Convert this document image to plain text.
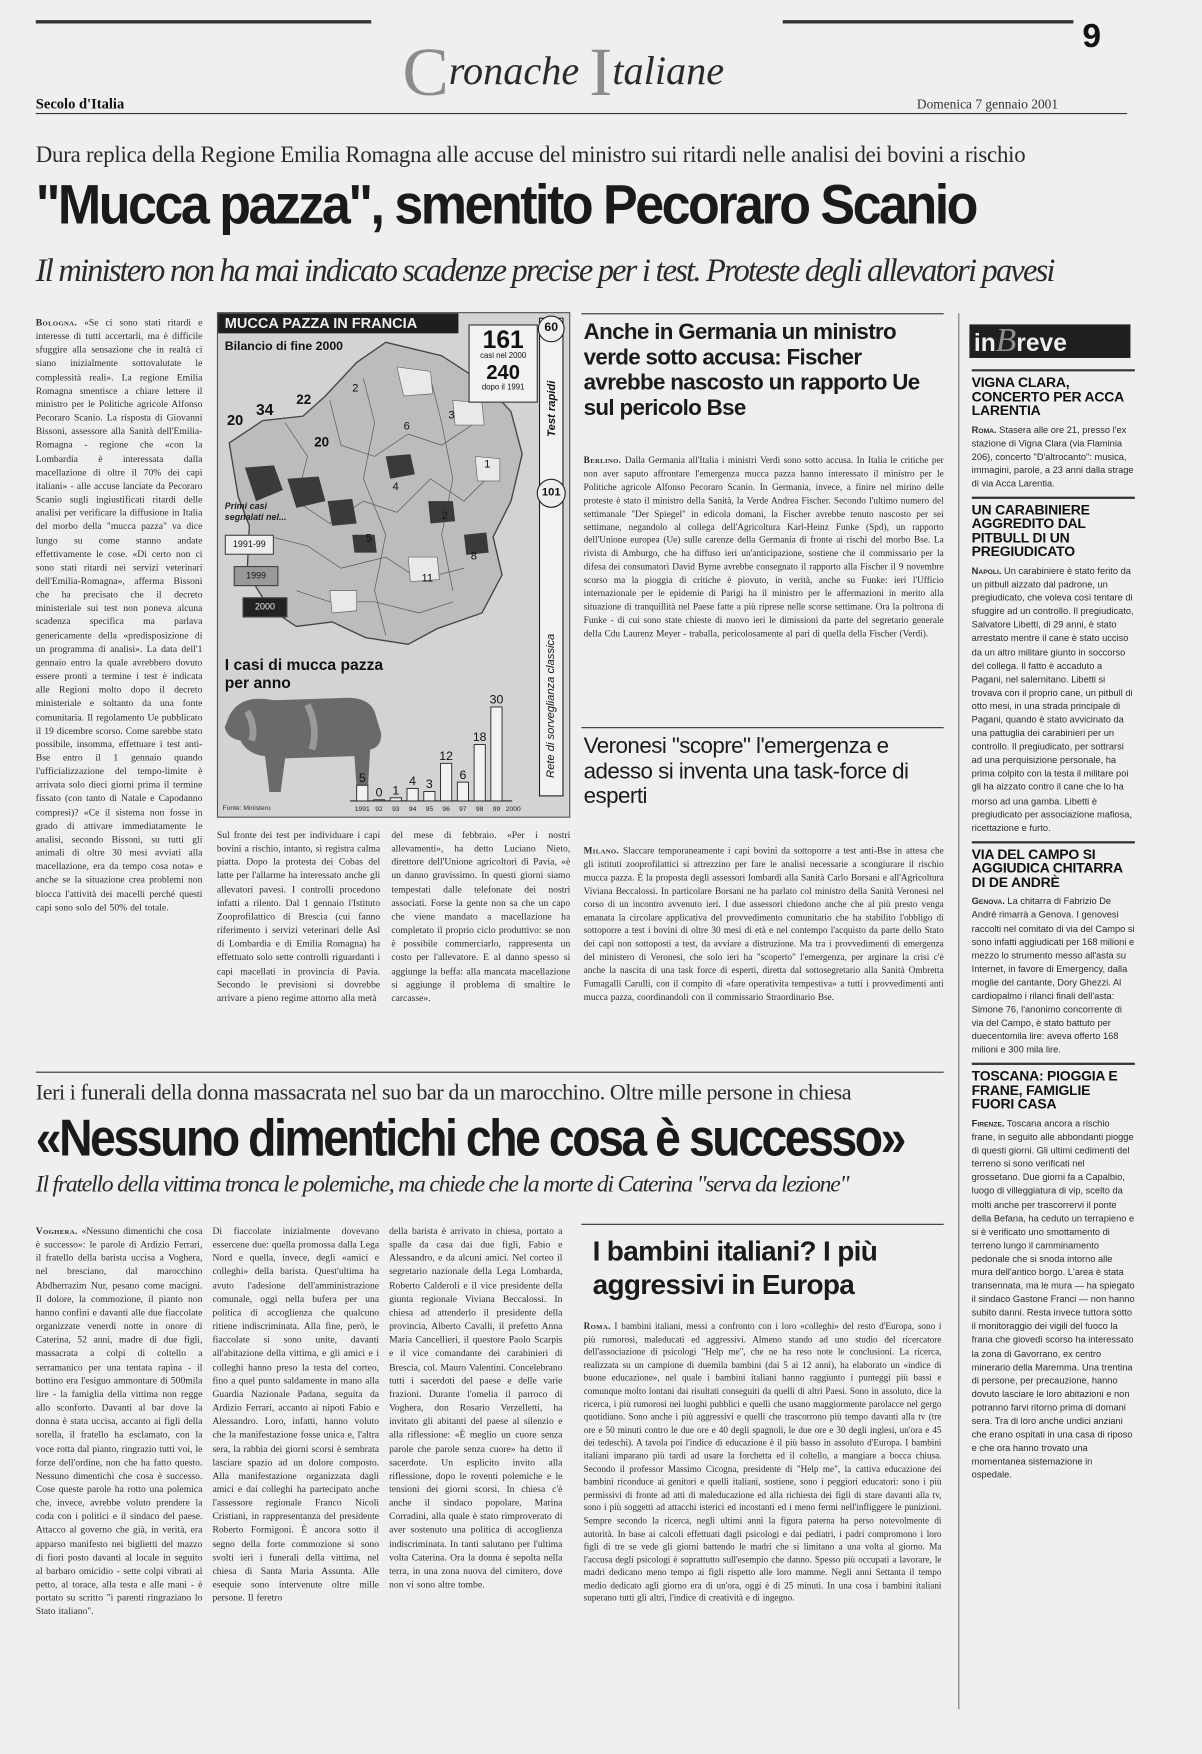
9
Cronache Italiane
Secolo d'Italia	Domenica 7 gennaio 2001
Dura replica della Regione Emilia Romagna alle accuse del ministro sui ritardi nelle analisi dei bovini a rischio
"Mucca pazza", smentito Pecoraro Scanio
Il ministero non ha mai indicato scadenze precise per i test. Proteste degli allevatori pavesi

Bologna. «Se ci sono stati ritardi e interesse di tutti accertarli, ma è difficile sfuggire alla sensazione che in realtà ci siano inizialmente sottovalutate le complessità reali». La regione Emilia Romagna smentisce a chiare lettere il ministro per le Politiche agricole Alfonso Pecoraro Scanio. La risposta di Giovanni Bissoni, assessore alla Sanità dell'Emilia-Romagna - regione che «con la Lombardia è interessata dalla macellazione di oltre il 70% dei capi italiani» - alle accuse lanciate da Pecoraro Scanio sugli ingiustificati ritardi delle analisi per verificare la diffusione in Italia del morbo della "mucca pazza" va dice lungo su come stanno andate effettivamente le cose. «Di certo non ci sono stati ritardi nei servizi veterinari dell'Emilia-Romagna», afferma Bissoni che ha precisato che il decreto ministeriale sui test non poneva alcuna scadenza specifica ma parlava genericamente della «predisposizione di un programma di analisi». La data dell'1 gennaio entro la quale avrebbero dovuto essere pronti a termine i test è indicata alle Regioni molto dopo il decreto ministeriale e soltanto da una fonte comunitaria. Il regolamento Ue pubblicato il 19 dicembre scorso. Come sarebbe stato possibile, insomma, effettuare i test anti-Bse entro il 1 gennaio quando l'ufficializzazione del tempo-limite è arrivata solo dieci giorni prima il termine fissato (con tanto di Natale e Capodanno compresi)? «Ce il sistema non fosse in grado di attivare immediatamente le analisi, secondo Bissoni, su tutti gli animali di oltre 30 mesi avviati alla macellazione, era da tempo cosa nota» e anche se la situazione crea problemi non blocca l'attività dei macelli perché questi capi sono solo del 50% del totale.

MUCCA PAZZA IN FRANCIA
Bilancio di fine 2000
20
34
22
20
2
6
3
1
4
2
5
8
11
161
casi nel 2000
240
dopo il 1991
Primi casi segnalati nel...
1991-99
1999
2000
I casi di mucca pazza per anno
5
0 1
4 3
12
6
18
30
1991 92 93 94 95 96 97 98 99 2000
60
Test rapidi
101
Rete di sorveglianza classica
Fonte: Ministero

Sul fronte dei test per individuare i capi bovini a rischio, intanto, si registra calma piatta. Dopo la protesta dei Cobas del latte per l'allarme ha interessato anche gli allevatori pavesi. I controlli procedono infatti a rilento. Dal 1 gennaio l'Istituto Zooprofilattico di Brescia (cui fanno riferimento i servizi veterinari delle Asl di Lombardia e di Emilia Romagna) ha effettuato solo sette controlli riguardanti i capi macellati in provincia di Pavia. Secondo le previsioni si dovrebbe arrivare a pieno regime attorno alla metà

del mese di febbraio. «Per i nostri allevamenti», ha detto Luciano Nieto, direttore dell'Unione agricoltori di Pavia, «è un danno gravissimo. In questi giorni siamo tempestati dalle telefonate dei nostri associati. Forse la gente non sa che un capo che viene mandato a macellazione ha completato il proprio ciclo produttivo: se non è possibile commerciarlo, rappresenta un costo per l'allevatore. E al danno spesso si aggiunge la beffa: alla mancata macellazione si aggiunge il problema di smaltire le carcasse».

Anche in Germania un ministro verde sotto accusa: Fischer avrebbe nascosto un rapporto Ue sul pericolo Bse

Berlino. Dalla Germania all'Italia i ministri Verdi sono sotto accusa. In Italia le critiche per non aver saputo affrontare l'emergenza mucca pazza hanno interessato il ministro per le Politiche agricole Alfonso Pecoraro Scanio. In Germania, invece, a finire nel mirino delle proteste è stato il ministro della Sanità, la Verde Andrea Fischer. Secondo l'ultimo numero del settimanale "Der Spiegel" in edicola domani, la Fischer avrebbe tenuto nascosto per sei settimane, negandolo al collega dell'Agricoltura Karl-Heinz Funke (Spd), un rapporto dell'Unione europea (Ue) sulle carenze della Germania di fronte ai rischi del morbo Bse. La rivista di Amburgo, che ha diffuso ieri un'anticipazione, sostiene che il commissario per la difesa dei consumatori David Byrne avrebbe consegnato il rapporto alla Fischer il 9 novembre scorso ma la pioggia di critiche è piovuto, in verità, anche su Funke: ieri l'Ufficio internazionale per le epidemie di Parigi ha il ministro per le affermazioni in merito alla situazione di tranquillità nel Paese fatte a più riprese nelle scorse settimane. Ora la poltrona di Funke - di cui sono state chieste di nuovo ieri le dimissioni da parte del segretario generale della Cdu Laurenz Meyer - traballa, pericolosamente al pari di quella della Fischer (Verdi).

Veronesi "scopre" l'emergenza e adesso si inventa una task-force di esperti

Milano. Slaccare temporaneamente i capi bovini da sottoporre a test anti-Bse in attesa che gli istituti zooprofilattici si attrezzino per fare le analisi necessarie a scongiurare il rischio mucca pazza. È la proposta degli assessori lombardi alla Sanità Carlo Borsani e all'Agricoltura Viviana Beccalossi. In particolare Borsani ne ha parlato col ministro della Sanità Veronesi nel corso di un incontro avvenuto ieri. I due assessori chiedono anche che al più presto venga emanata la circolare applicativa del provvedimento comunitario che ha stabilito l'obbligo di sottoporre a test i bovini di oltre 30 mesi di età e nel contempo l'acquisto da parte dello Stato dei capi non sottoposti a test, da avviare a distruzione. Ma tra i provvedimenti di emergenza del ministero di Veronesi, che solo ieri ha "scoperto" l'emergenza, per arginare la crisi c'è anche la nascita di una task force di esperti, diretta dal sottosegretario alla Sanità Ombretta Fumagalli Carulli, con il compito di «fare operativita tempestiva» a tutti i provvedimenti anti mucca pazza, coordinandoli con il commissario Straordinario Bse.

inBreve
VIGNA CLARA, CONCERTO PER ACCA LARENTIA
Roma. Stasera alle ore 21, presso l'ex stazione di Vigna Clara (via Flaminia 206), concerto "D'altrocanto": musica, immagini, parole, a 23 anni dalla strage di via Acca Larentia.
UN CARABINIERE AGGREDITO DAL PITBULL DI UN PREGIUDICATO
Napoli. Un carabiniere è stato ferito da un pitbull aizzato dal padrone, un pregiudicato, che voleva così tentare di sfuggire ad un controllo. Il pregiudicato, Salvatore Libetti, di 29 anni, è stato arrestato mentre il cane è stato ucciso da un altro militare giunto in soccorso del collega. Il fatto è accaduto a Pagani, nel salernitano. Libetti si trovava con il proprio cane, un pitbull di otto mesi, in una strada principale di Pagani, quando è stato avvicinato da una pattuglia dei carabinieri per un controllo. Il pregiudicato, per sottrarsi ad una perquisizione personale, ha prima colpito con la testa il militare poi gli ha aizzato contro il cane che lo ha morso ad una gamba. Libetti è pregiudicato per associazione mafiosa, ricettazione e furto.
VIA DEL CAMPO SI AGGIUDICA CHITARRA DI DE ANDRÈ
Genova. La chitarra di Fabrizio De André rimarrà a Genova. I genovesi raccolti nel comitato di via del Campo si sono infatti aggiudicati per 168 milioni e mezzo lo strumento messo all'asta su Internet, in favore di Emergency, dalla moglie del cantante, Dory Ghezzi. Al cardiopalmo i rilanci finali dell'asta: Simone 76, l'anonimo concorrente di via del Campo, è stato battuto per duecentomila lire: aveva offerto 168 milioni e 300 mila lire.
TOSCANA: PIOGGIA E FRANE, FAMIGLIE FUORI CASA
Firenze. Toscana ancora a rischio frane, in seguito alle abbondanti piogge di questi giorni. Gli ultimi cedimenti del terreno si sono verificati nel grossetano. Due giorni fa a Capalbio, luogo di villeggiatura di vip, scelto da molti anche per trascorrervi il ponte della Befana, ha ceduto un terrapieno e si è verificato uno smottamento di terreno lungo il camminamento pedonale che si snoda intorno alle mura dell'antico borgo. L'area è stata transennata, ma le mura — ha spiegato il sindaco Gastone Franci — non hanno subito danni. Resta invece tuttora sotto il monitoraggio dei vigili del fuoco la frana che giovedì scorso ha interessato la zona di Gavorrano, ex centro minerario della Maremma. Una trentina di persone, per precauzione, hanno dovuto lasciare le loro abitazioni e non potranno farvi ritorno prima di domani sera. Tra di loro anche undici anziani che erano ospitati in una casa di riposo e che ora hanno trovato una momentanea sistemazione in ospedale.
Ieri i funerali della donna massacrata nel suo bar da un marocchino. Oltre mille persone in chiesa
«Nessuno dimentichi che cosa è successo»
Il fratello della vittima tronca le polemiche, ma chiede che la morte di Caterina "serva da lezione"

Voghera. «Nessuno dimentichi che cosa è successo»: le parole di Ardizio Ferrari, il fratello della barista uccisa a Voghera, nel bresciano, dal marocchino Abdherrazim Nur, pesano come macigni. Il dolore, la commozione, il pianto non hanno confini e davanti alle due fiaccolate organizzate venerdì notte in onore di Caterina, 52 anni, madre di due figli, massacrata a colpi di coltello a serramanico per una tentata rapina - il bottino era l'esiguo ammontare di 500mila lire - la famiglia della vittima non regge allo sconforto. Davanti al bar dove la donna è stata uccisa, accanto ai figli della sorella, il fratello ha esclamato, con la voce rotta dal pianto, ringrazio tutti voi, le forze dell'ordine, non che ha fatto questo. Nessuno dimentichi che cosa è successo. Cose queste parole ha rotto una polemica che, invece, avrebbe voluto prendere la coda con i politici e il sindaco del paese. Attacco al governo che già, in verità, era apparso manifesto nei biglietti del mazzo di fiori posto davanti al locale in seguito al barbaro omicidio - sette colpi vibrati al petto, al torace, alla testa e alle mani - è portato su scritto "i parenti ringraziano lo Stato italiano".

Di fiaccolate inizialmente dovevano essercene due: quella promossa dalla Lega Nord e quella, invece, degli «amici e colleghi» della barista. Quest'ultima ha avuto l'adesione dell'amministrazione comunale, oggi nella bufera per una politica di accoglienza che qualcuno ritiene indiscriminata. Alla fine, però, le fiaccolate si sono unite, davanti all'abitazione della vittima, e gli amici e i colleghi hanno preso la testa del corteo, fino a quel punto saldamente in mano alla Guardia Nazionale Padana, seguita da Ardizio Ferrari, accanto ai nipoti Fabio e Alessandro. Loro, infatti, hanno voluto che la manifestazione fosse unica e, l'altra sera, la rabbia dei giorni scorsi è sembrata lasciare spazio ad un dolore composto. Alla manifestazione organizzata dagli amici e dai colleghi ha partecipato anche l'assessore regionale Franco Nicoli Cristiani, in rappresentanza del presidente Roberto Formigoni. È ancora sotto il segno della forte commozione si sono svolti ieri i funerali della vittima, nel chiesa di Santa Maria Assunta. Alle esequie sono intervenute oltre mille persone. Il feretro

della barista è arrivato in chiesa, portato a spalle da casa dai due figli, Fabio e Alessandro, e da alcuni amici. Nel corteo il segretario nazionale della Lega Lombarda, Roberto Calderoli e il vice presidente della giunta regionale Viviana Beccalossi. In chiesa ad attenderlo il presidente della provincia, Alberto Cavalli, il prefetto Anna Maria Cancellieri, il questore Paolo Scarpis e il vice comandante dei carabinieri di Brescia, col. Mauro Valentini. Concelebrano tutti i sacerdoti del paese e delle varie frazioni. Durante l'omelia il parroco di Voghera, don Rosario Verzelletti, ha invitato gli abitanti del paese al silenzio e alla riflessione: «È meglio un cuore senza parole che parole senza cuore» ha detto il sacerdote. Un esplicito invito alla riflessione, dopo le roventi polemiche e le tensioni dei giorni scorsi. In chiesa c'è anche il sindaco popolare, Marina Corradini, alla quale è stato rimproverato di aver sostenuto una politica di accoglienza indiscriminata. In tanti salutano per l'ultima volta Caterina. Ora la donna è sepolta nella terra, in una zona nuova del cimitero, dove non vi sono altre tombe.

I bambini italiani? I più aggressivi in Europa

Roma. I bambini italiani, messi a confronto con i loro «colleghi» del resto d'Europa, sono i più rumorosi, maleducati ed aggressivi. Almeno stando ad uno studio del ricercatore dell'associazione di psicologi "Help me", che ne ha reso note le conclusioni. La ricerca, realizzata su un campione di duemila bambini (dai 5 ai 12 anni), ha elaborato un «indice di buone educazione», nel quale i bambini italiani hanno raggiunto i punteggi più bassi e comunque molto lontani dai risultati conseguiti da quelli di altri Paesi. Sono in assoluto, dice la ricerca, i più rumorosi nei luoghi pubblici e quelli che usano maggiormente parolacce nel gergo quotidiano. Sono anche i più aggressivi e quelli che trascorrono più tempo davanti alla tv (tre ore e 50 minuti contro le due ore e 40 degli spagnoli, le due ore e 30 degli inglesi, un'ora e 45 dei tedeschi). A tavola poi l'indice di educazione è il più basso in assoluto d'Europa. I bambini italiani imparano più tardi ad usare la forchetta ed il coltello, a mangiare a bocca chiusa. Secondo il professor Massimo Cicogna, presidente di "Help me", la cattiva educazione dei bambini riconduce ai genitori e quelli italiani, sostiene, sono i peggiori educatori: sono i più permissivi di fronte ad atti di maleducazione ed alla richiesta dei figli di stare davanti alla tv, sono i più soggetti ad attacchi isterici ed incostanti ed i meno fermi nell'infliggere le punizioni. Sempre secondo la ricerca, negli ultimi anni la figura paterna ha perso notevolmente di autorità. In base ai calcoli effettuati dagli psicologi e dai pediatri, i padri compromono i loro figli di tre se vede gli giorni battendo le madri che si limitano a una volta al giorno. Ma l'accusa degli psicologi è soprattutto sull'esempio che danno. Spesso più occupati a lavorare, le madri dedicano meno tempo ai figli rispetto alle loro mamme. Negli anni Settanta il tempo medio dedicato agli giorno era di un'ora, oggi è di 25 minuti. In una cosa i bambini italiani superano tutti gli altri, l'indice di creatività e di ingegno.
